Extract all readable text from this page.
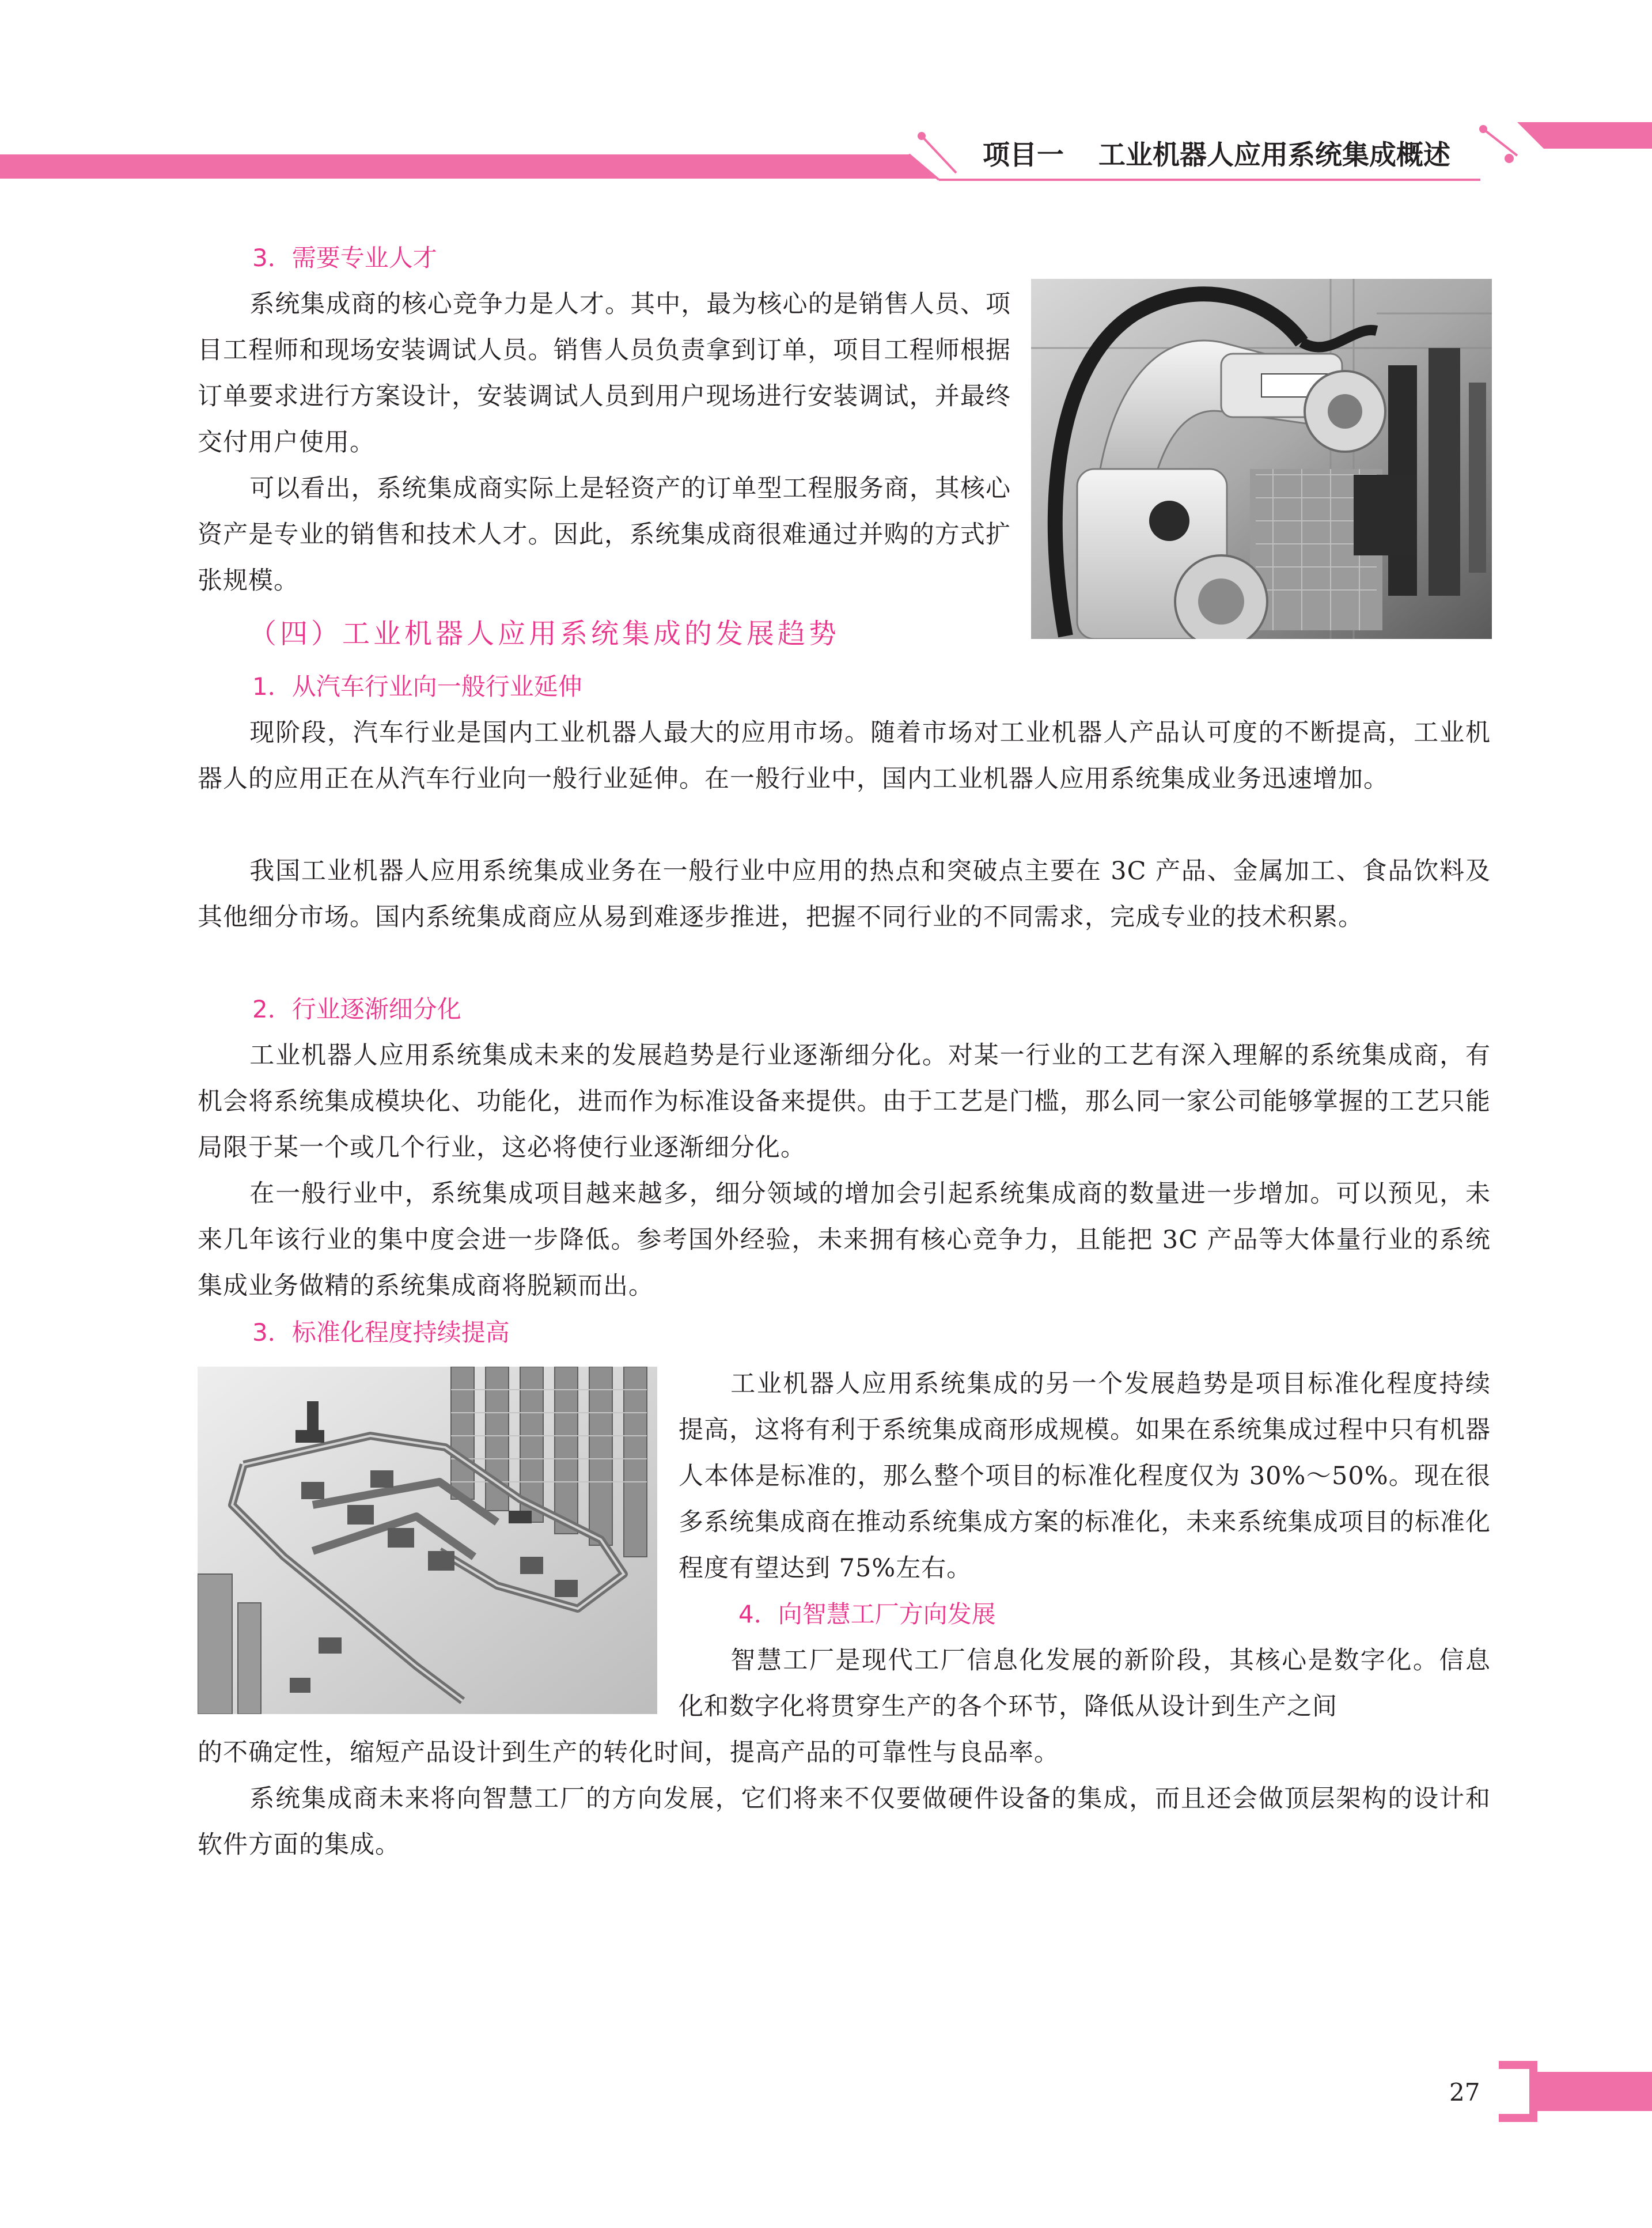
项目一 工业机器人应用系统集成概述

3．需要专业人才

系统集成商的核心竞争力是人才。其中，最为核心的是销售人员、项目工程师和现场安装调试人员。销售人员负责拿到订单，项目工程师根据订单要求进行方案设计，安装调试人员到用户现场进行安装调试，并最终交付用户使用。

可以看出，系统集成商实际上是轻资产的订单型工程服务商，其核心资产是专业的销售和技术人才。因此，系统集成商很难通过并购的方式扩张规模。

（四）工业机器人应用系统集成的发展趋势

1．从汽车行业向一般行业延伸

现阶段，汽车行业是国内工业机器人最大的应用市场。随着市场对工业机器人产品认可度的不断提高，工业机器人的应用正在从汽车行业向一般行业延伸。在一般行业中，国内工业机器人应用系统集成业务迅速增加。

我国工业机器人应用系统集成业务在一般行业中应用的热点和突破点主要在 3C 产品、金属加工、食品饮料及其他细分市场。国内系统集成商应从易到难逐步推进，把握不同行业的不同需求，完成专业的技术积累。

2．行业逐渐细分化

工业机器人应用系统集成未来的发展趋势是行业逐渐细分化。对某一行业的工艺有深入理解的系统集成商，有机会将系统集成模块化、功能化，进而作为标准设备来提供。由于工艺是门槛，那么同一家公司能够掌握的工艺只能局限于某一个或几个行业，这必将使行业逐渐细分化。

在一般行业中，系统集成项目越来越多，细分领域的增加会引起系统集成商的数量进一步增加。可以预见，未来几年该行业的集中度会进一步降低。参考国外经验，未来拥有核心竞争力，且能把 3C 产品等大体量行业的系统集成业务做精的系统集成商将脱颖而出。

3．标准化程度持续提高

工业机器人应用系统集成的另一个发展趋势是项目标准化程度持续提高，这将有利于系统集成商形成规模。如果在系统集成过程中只有机器人本体是标准的，那么整个项目的标准化程度仅为 30%～50%。现在很多系统集成商在推动系统集成方案的标准化，未来系统集成项目的标准化程度有望达到 75%左右。

4．向智慧工厂方向发展

智慧工厂是现代工厂信息化发展的新阶段，其核心是数字化。信息化和数字化将贯穿生产的各个环节，降低从设计到生产之间

的不确定性，缩短产品设计到生产的转化时间，提高产品的可靠性与良品率。

系统集成商未来将向智慧工厂的方向发展，它们将来不仅要做硬件设备的集成，而且还会做顶层架构的设计和软件方面的集成。

27
